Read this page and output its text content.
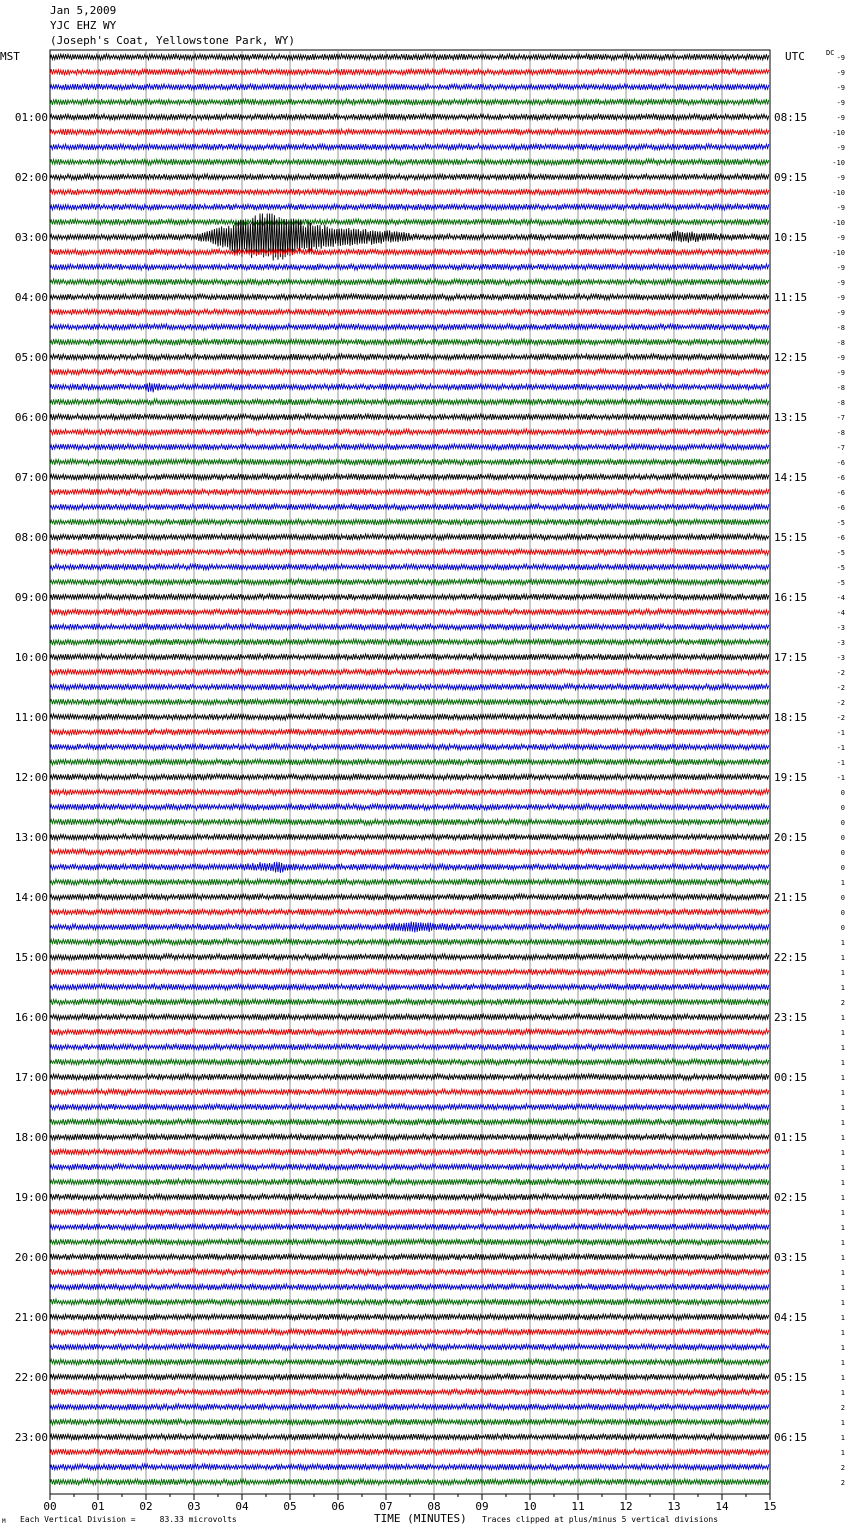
Jan 5,2009
YJC EHZ WY
(Joseph's Coat, Yellowstone Park, WY)
MST	UTC	DC
00	01	02	03	04	05	06	07	08	09	10	11	12	13	14	15
-9
-9
-9
-9
-9
-10
-9
-10
-9
-10
-9
-10
-9
-10
-9
-9
-9
-9
-8
-8
-9
-9
-8
-8
-7
-8
-7
-6
-6
-6
-6
-5
-6
-5
-5
-5
-4
-4
-3
-3
-3
-2
-2
-2
-2
-1
-1
-1
-1
0
0
0
0
0
0
1
0
0
0
1
1
1
1
2
1
1
1
1
1
1
1
1
1
1
1
1
1
1
1
1
1
1
1
1
1
1
1
1
1
1
2
1
1
1
2
2
01:00
02:00
03:00
04:00
05:00
06:00
07:00
08:00
09:00
10:00
11:00
12:00
13:00
14:00
15:00
16:00
17:00
18:00
19:00
20:00
21:00
22:00
23:00
08:15
09:15
10:15
11:15
12:15
13:15
14:15
15:15
16:15
17:15
18:15
19:15
20:15
21:15
22:15
23:15
00:15
01:15
02:15
03:15
04:15
05:15
06:15
TIME (MINUTES)
Each Vertical Division =     83.33 microvolts	Traces clipped at plus/minus 5 vertical divisions
M
